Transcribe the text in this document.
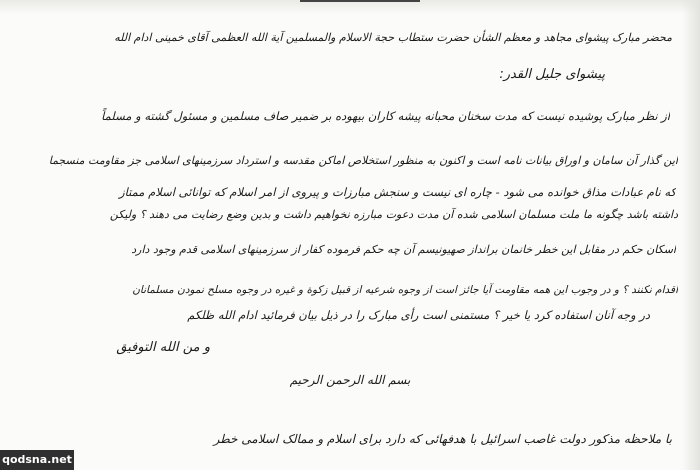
محضر مبارک پیشوای مجاهد و معظم الشأن حضرت ستطاب حجة الاسلام والمسلمین آیة الله العظمی آقای خمینی ادام الله
پیشوای جلیل القدر:
از نظر مبارک پوشیده نیست که مدت سخنان محبانه پیشه کاران بیهوده بر ضمیر صاف مسلمین و مسئول گشته و مسلماً
این گذار آن سامان و اوراق بیانات نامه است و اکنون به منظور استخلاص اماکن مقدسه و استرداد سرزمینهای اسلامی جز مقاومت منسجما
که نام عبادات مذاق خوانده می شود - چاره ای نیست و سنجش مبارزات و پیروی از امر اسلام که توانائی اسلام ممتاز
داشته باشد چگونه ما ملت مسلمان اسلامی شده آن مدت دعوت مبارزه نخواهیم داشت و بدین وضع رضایت می دهند ؟ ولیکن
اسکان حکم در مقابل این خطر خانمان برانداز صهیونیسم آن چه حکم فرموده کفار از سرزمینهای اسلامی قدم وجود دارد
اقدام نکنند ؟ و در وجوب این همه مقاومت آیا جائز است از وجوه شرعیه از قبیل زکوة و غیره در وجوه مسلح نمودن مسلمانان
در وجه آنان استفاده کرد یا خیر ؟ مستمنی است رأی مبارک را در ذیل بیان فرمائید ادام الله ظلکم
و من الله التوفیق
بسم الله الرحمن الرحیم
با ملاحظه مذکور دولت غاصب اسرائیل با هدفهائی که دارد برای اسلام و ممالک اسلامی خطر
qodsna.net
